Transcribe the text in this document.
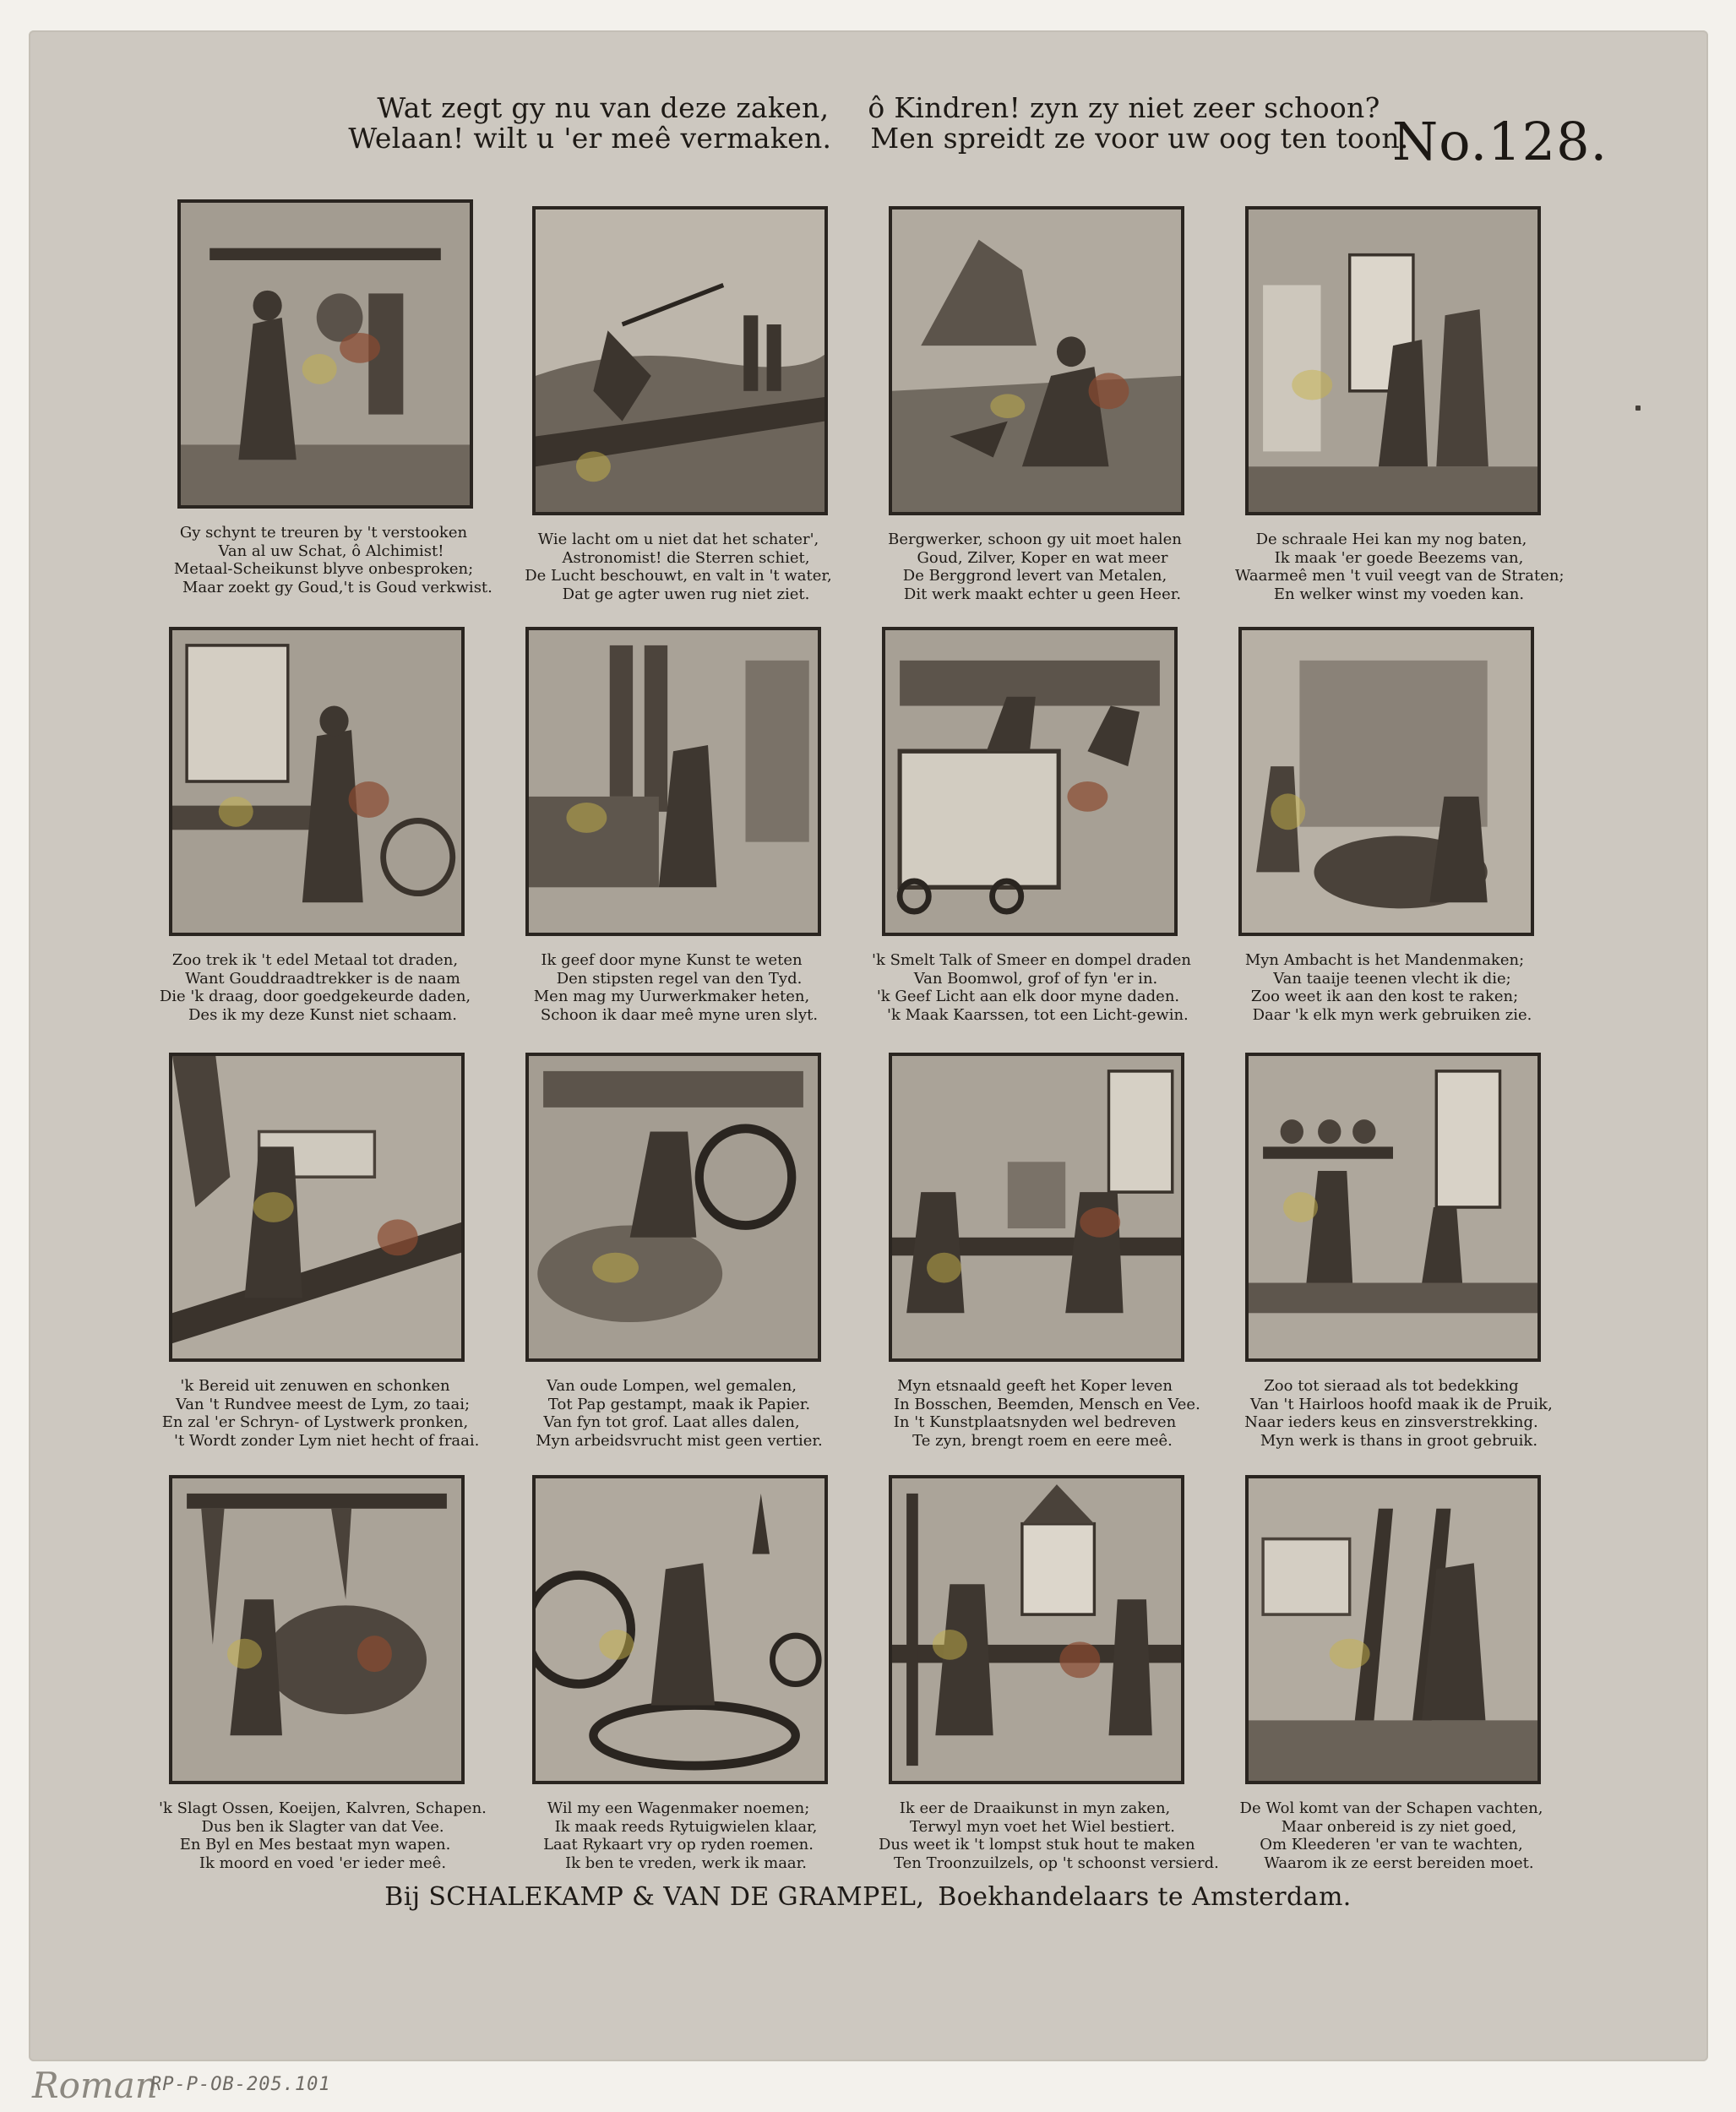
Wat zegt gy nu van deze zaken, ô Kindren! zyn zy niet zeer schoon?
Welaan! wilt u 'er meê vermaken. Men spreidt ze voor uw oog ten toon.
No.128.
Gy schynt te treuren by 't verstooken
Van al uw Schat, ô Alchimist!
Metaal-Scheikunst blyve onbesproken;
Maar zoekt gy Goud,'t is Goud verkwist.
Wie lacht om u niet dat het schater',
Astronomist! die Sterren schiet,
De Lucht beschouwt, en valt in 't water,
Dat ge agter uwen rug niet ziet.
Bergwerker, schoon gy uit moet halen
Goud, Zilver, Koper en wat meer
De Berggrond levert van Metalen,
Dit werk maakt echter u geen Heer.
De schraale Hei kan my nog baten,
Ik maak 'er goede Beezems van,
Waarmeê men 't vuil veegt van de Straten;
En welker winst my voeden kan.
Zoo trek ik 't edel Metaal tot draden,
Want Gouddraadtrekker is de naam
Die 'k draag, door goedgekeurde daden,
Des ik my deze Kunst niet schaam.
Ik geef door myne Kunst te weten
Den stipsten regel van den Tyd.
Men mag my Uurwerkmaker heten,
Schoon ik daar meê myne uren slyt.
'k Smelt Talk of Smeer en dompel draden
Van Boomwol, grof of fyn 'er in.
'k Geef Licht aan elk door myne daden.
'k Maak Kaarssen, tot een Licht-gewin.
Myn Ambacht is het Mandenmaken;
Van taaije teenen vlecht ik die;
Zoo weet ik aan den kost te raken;
Daar 'k elk myn werk gebruiken zie.
'k Bereid uit zenuwen en schonken
Van 't Rundvee meest de Lym, zo taai;
En zal 'er Schryn- of Lystwerk pronken,
't Wordt zonder Lym niet hecht of fraai.
Van oude Lompen, wel gemalen,
Tot Pap gestampt, maak ik Papier.
Van fyn tot grof. Laat alles dalen,
Myn arbeidsvrucht mist geen vertier.
Myn etsnaald geeft het Koper leven
In Bosschen, Beemden, Mensch en Vee.
In 't Kunstplaatsnyden wel bedreven
Te zyn, brengt roem en eere meê.
Zoo tot sieraad als tot bedekking
Van 't Hairloos hoofd maak ik de Pruik,
Naar ieders keus en zinsverstrekking.
Myn werk is thans in groot gebruik.
'k Slagt Ossen, Koeijen, Kalvren, Schapen.
Dus ben ik Slagter van dat Vee.
En Byl en Mes bestaat myn wapen.
Ik moord en voed 'er ieder meê.
Wil my een Wagenmaker noemen;
Ik maak reeds Rytuigwielen klaar,
Laat Rykaart vry op ryden roemen.
Ik ben te vreden, werk ik maar.
Ik eer de Draaikunst in myn zaken,
Terwyl myn voet het Wiel bestiert.
Dus weet ik 't lompst stuk hout te maken
Ten Troonzuilzels, op 't schoonst versierd.
De Wol komt van der Schapen vachten,
Maar onbereid is zy niet goed,
Om Kleederen 'er van te wachten,
Waarom ik ze eerst bereiden moet.
Bij SCHALEKAMP & VAN DE GRAMPEL, Boekhandelaars te Amsterdam.
Roman
RP-P-OB-205.101
